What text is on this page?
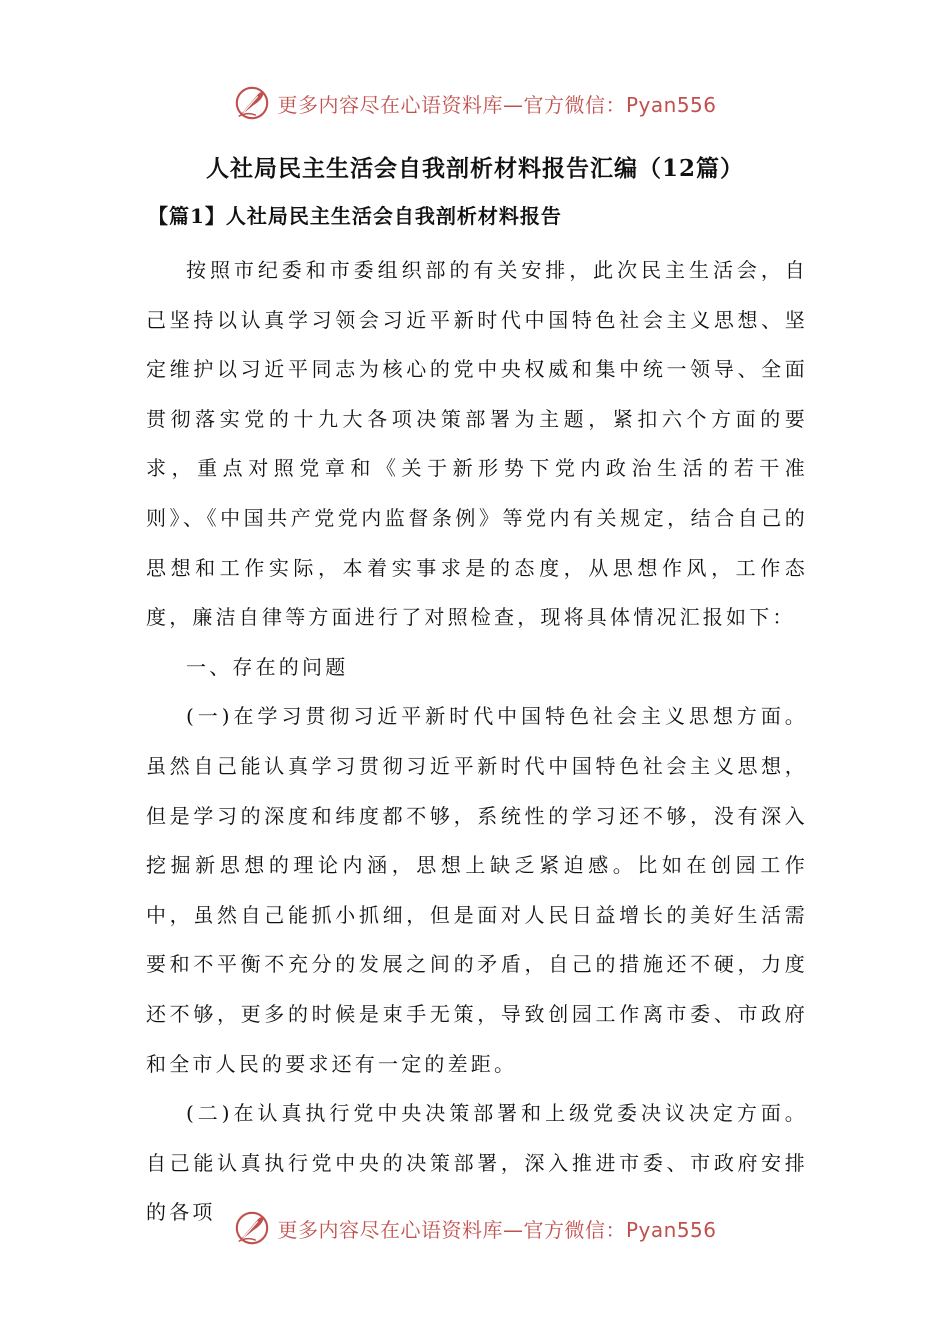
更多内容尽在心语资料库—官方微信：Pyan556
人社局民主生活会自我剖析材料报告汇编（12篇）
【篇1】人社局民主生活会自我剖析材料报告

按照市纪委和市委组织部的有关安排，此次民主生活会，自己坚持以认真学习领会习近平新时代中国特色社会主义思想、坚定维护以习近平同志为核心的党中央权威和集中统一领导、全面贯彻落实党的十九大各项决策部署为主题，紧扣六个方面的要求，重点对照党章和《关于新形势下党内政治生活的若干准则》、《中国共产党党内监督条例》等党内有关规定，结合自己的思想和工作实际，本着实事求是的态度，从思想作风，工作态度，廉洁自律等方面进行了对照检查，现将具体情况汇报如下：

一、存在的问题

(一)在学习贯彻习近平新时代中国特色社会主义思想方面。虽然自己能认真学习贯彻习近平新时代中国特色社会主义思想，但是学习的深度和纬度都不够，系统性的学习还不够，没有深入挖掘新思想的理论内涵，思想上缺乏紧迫感。比如在创园工作中，虽然自己能抓小抓细，但是面对人民日益增长的美好生活需要和不平衡不充分的发展之间的矛盾，自己的措施还不硬，力度还不够，更多的时候是束手无策，导致创园工作离市委、市政府和全市人民的要求还有一定的差距。

(二)在认真执行党中央决策部署和上级党委决议决定方面。自己能认真执行党中央的决策部署，深入推进市委、市政府安排的各项

更多内容尽在心语资料库—官方微信：Pyan556
